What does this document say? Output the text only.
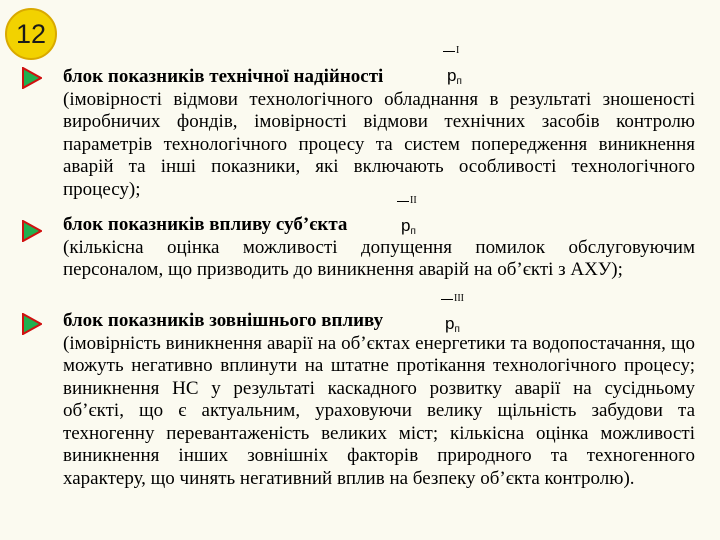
12
блок показників технічної надійності

(імовірності відмови технологічного обладнання в результаті зношеності виробничих фондів, імовірності відмови технічних засобів контролю параметрів технологічного процесу та систем попередження виникнення аварій та інші показники, які включають особливості технологічного процесу);

I
$p_п$
блок показників впливу суб’єкта

(кількісна оцінка можливості допущення помилок обслуговуючим персоналом, що призводить до виникнення аварій на об’єкті з АХУ);

II
$p_п$
блок показників зовнішнього впливу

(імовірність виникнення аварії на об’єктах енергетики та водопостачання, що можуть негативно вплинути на штатне протікання технологічного процесу; виникнення НС у результаті каскадного розвитку аварії на сусідньому об’єкті, що є актуальним, ураховуючи велику щільність забудови та техногенну перевантаженість великих міст; кількісна оцінка можливості виникнення інших зовнішніх факторів природного та техногенного характеру, що чинять негативний вплив на безпеку об’єкта контролю).

III
$p_п$
